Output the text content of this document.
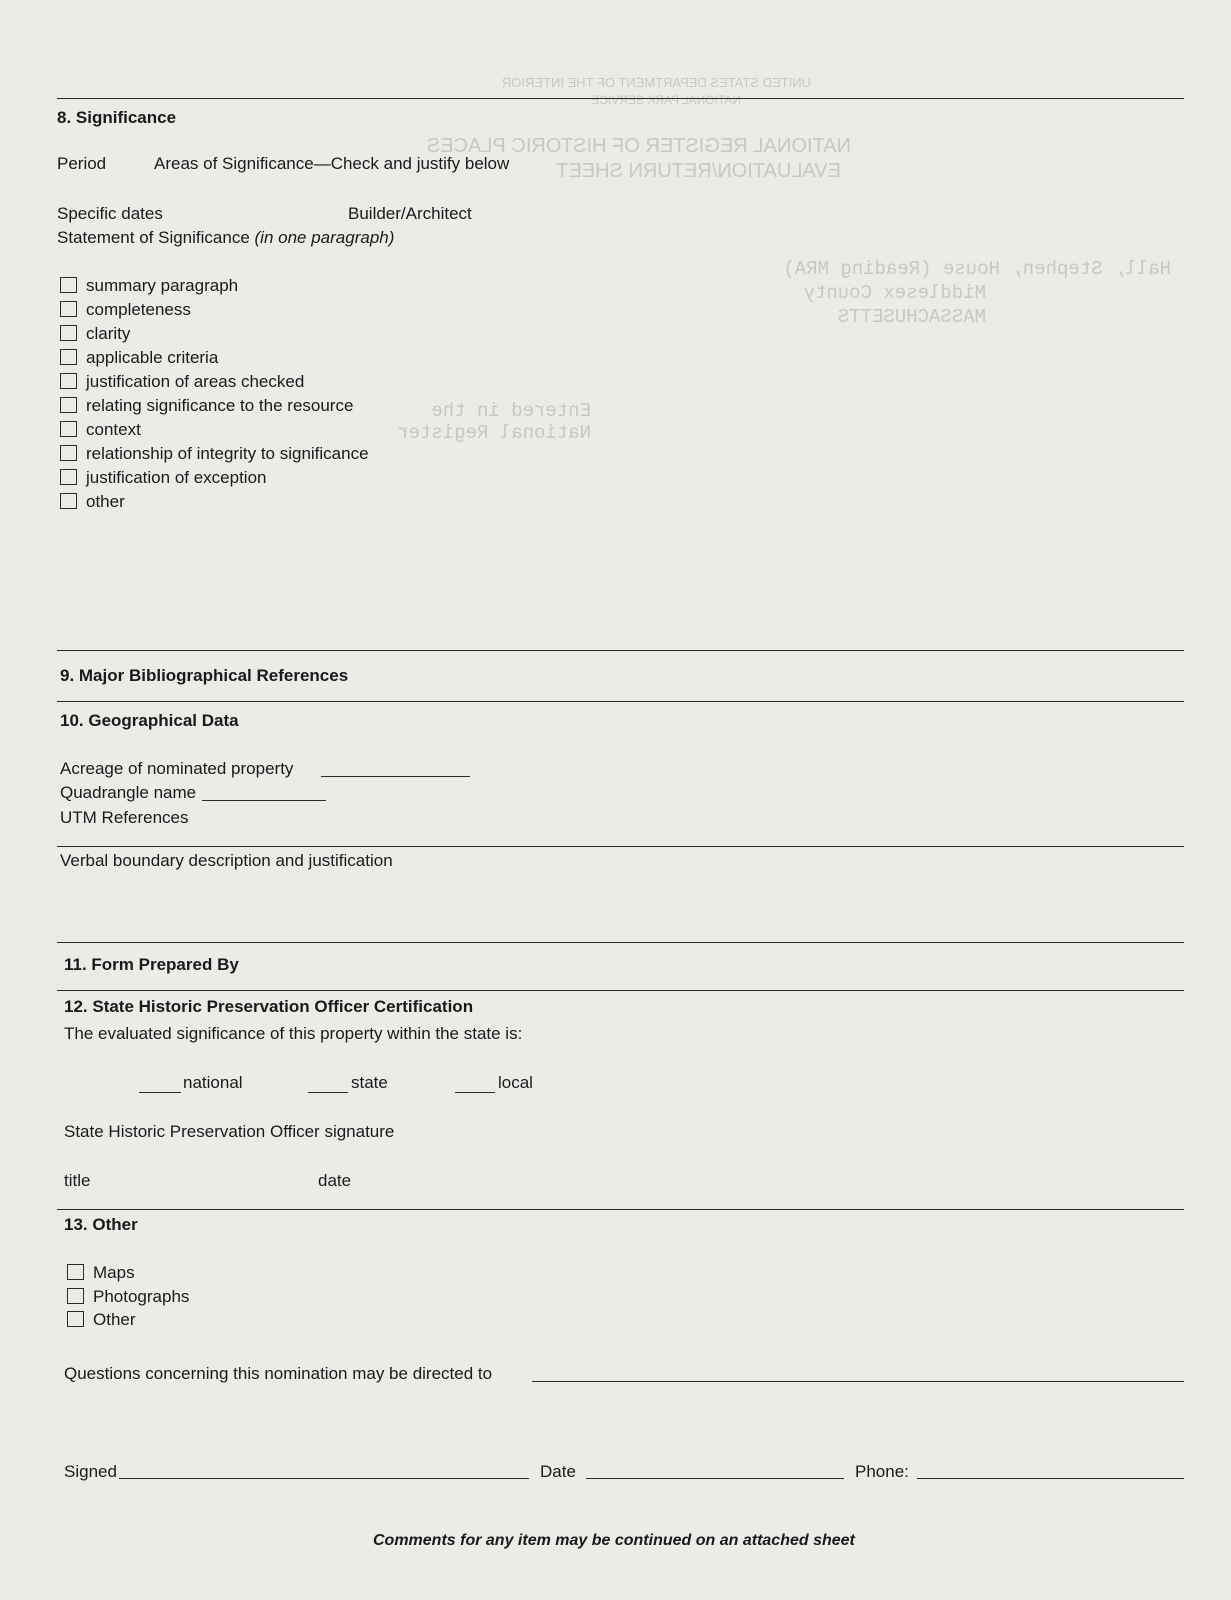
UNITED STATES DEPARTMENT OF THE INTERIOR
NATIONAL PARK SERVICE
NATIONAL REGISTER OF HISTORIC PLACES
EVALUATION/RETURN SHEET
Hall, Stephen, House (Reading MRA)
Middlesex County
MASSACHUSETTS
Entered in the
National Register
8. Significance
Period	Areas of Significance—Check and justify below
Specific dates	Builder/Architect
Statement of Significance (in one paragraph)
summary paragraph
completeness
clarity
applicable criteria
justification of areas checked
relating significance to the resource
context
relationship of integrity to significance
justification of exception
other
9. Major Bibliographical References
10. Geographical Data
Acreage of nominated property
Quadrangle name
UTM References
Verbal boundary description and justification
11. Form Prepared By
12. State Historic Preservation Officer Certification
The evaluated significance of this property within the state is:
national	state	local
State Historic Preservation Officer signature
title	date
13. Other
Maps
Photographs
Other
Questions concerning this nomination may be directed to
Signed	Date	Phone:
Comments for any item may be continued on an attached sheet
